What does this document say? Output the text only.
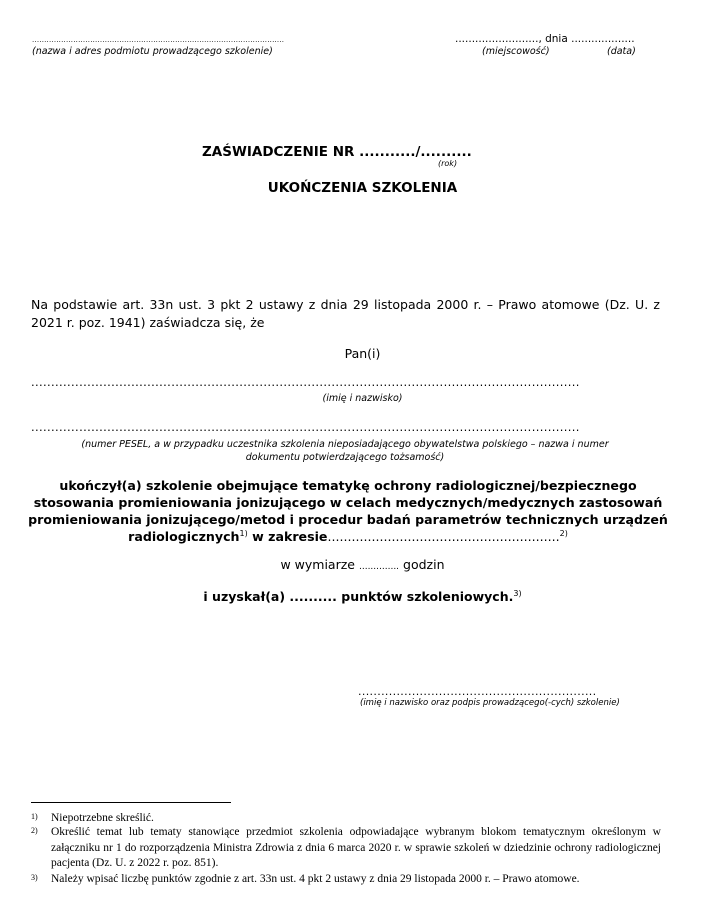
........................................................................................................
(nazwa i adres podmiotu prowadzącego szkolenie)
........................., dnia ...................
(miejscowość)	(data)
ZAŚWIADCZENIE NR .........../..........
(rok)
UKOŃCZENIA SZKOLENIA
Na podstawie art. 33n ust. 3 pkt 2 ustawy z dnia 29 listopada 2000 r. – Prawo atomowe (Dz. U. z 2021 r. poz. 1941) zaświadcza się, że
Pan(i)
.........................................................................................................................................
(imię i nazwisko)
.........................................................................................................................................
(numer PESEL, a w przypadku uczestnika szkolenia nieposiadającego obywatelstwa polskiego – nazwa i numer dokumentu potwierdzającego tożsamość)
ukończył(a) szkolenie obejmujące tematykę ochrony radiologicznej/bezpiecznego stosowania promieniowania jonizującego w celach medycznych/medycznych zastosowań promieniowania jonizującego/metod i procedur badań parametrów technicznych urządzeń radiologicznych$^{1)}$ w zakresie..........................................................$^{2)}$
w wymiarze .............. godzin
i uzyskał(a) .......... punktów szkoleniowych.$^{3)}$
..............................................................
(imię i nazwisko oraz podpis prowadzącego(-cych) szkolenie)
1) Niepotrzebne skreślić.
2) Określić temat lub tematy stanowiące przedmiot szkolenia odpowiadające wybranym blokom tematycznym określonym w załączniku nr 1 do rozporządzenia Ministra Zdrowia z dnia 6 marca 2020 r. w sprawie szkoleń w dziedzinie ochrony radiologicznej pacjenta (Dz. U. z 2022 r. poz. 851).
3) Należy wpisać liczbę punktów zgodnie z art. 33n ust. 4 pkt 2 ustawy z dnia 29 listopada 2000 r. – Prawo atomowe.
